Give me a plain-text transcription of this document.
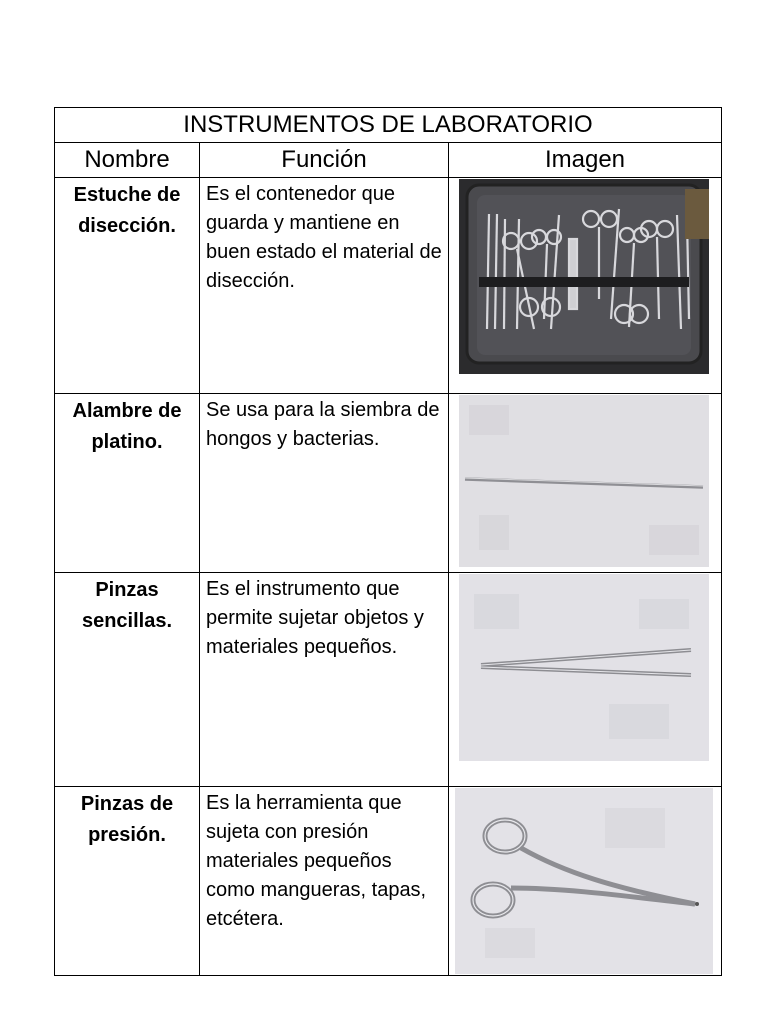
INSTRUMENTOS DE LABORATORIO		
Nombre	Función	Imagen
Estuche de disección.	Es el contenedor que guarda y mantiene en buen estado el material de disección.	

Alambre de platino.	Se usa para la siembra de hongos y bacterias.	

Pinzas sencillas.	Es el instrumento que permite sujetar objetos y materiales pequeños.	

Pinzas de presión.	Es la herramienta que sujeta con presión materiales pequeños como mangueras, tapas, etcétera.	
